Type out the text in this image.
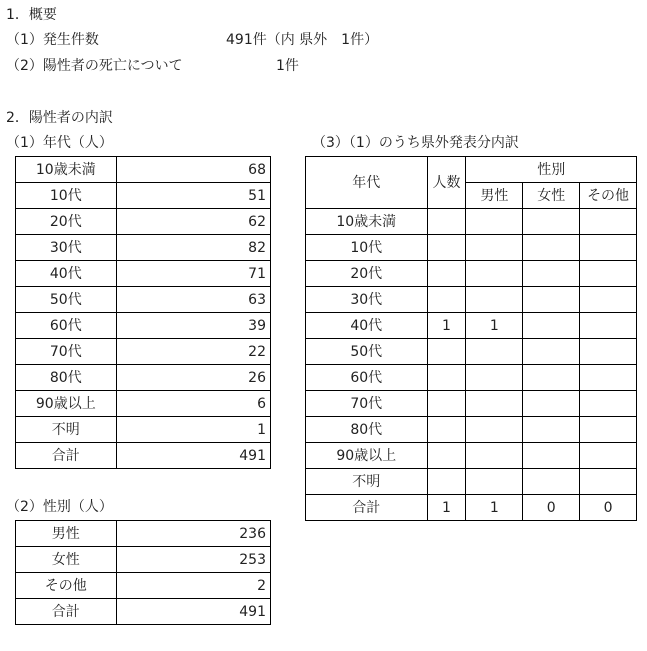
1．概要
（1）発生件数	491件（内 県外　1件）
（2）陽性者の死亡について	1件
2．陽性者の内訳
（1）年代（人）	（3）（1）のうち県外発表分内訳
10歳未満	68
10代	51
20代	62
30代	82
40代	71
50代	63
60代	39
70代	22
80代	26
90歳以上	6
不明	1
合計	491
（2）性別（人）
男性	236
女性	253
その他	2
合計	491
年代	人数	性別		
		男性	女性	その他
10歳未満				
10代				
20代				
30代				
40代	1	1		
50代				
60代				
70代				
80代				
90歳以上				
不明				
合計	1	1	0	0
